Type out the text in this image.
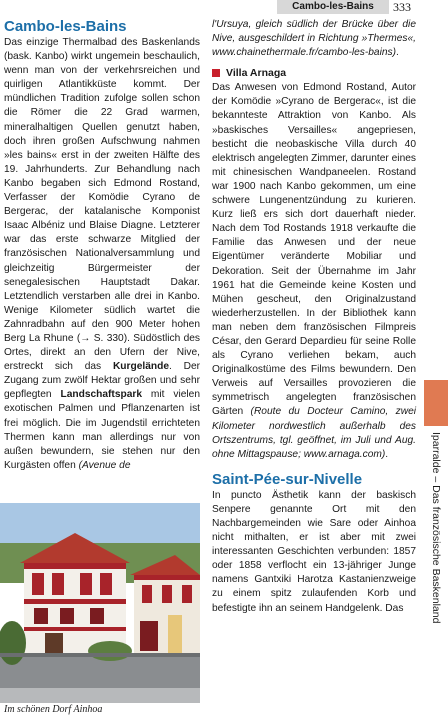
Cambo-les-Bains	333
Cambo-les-Bains

Das einzige Thermalbad des Baskenlands (bask. Kanbo) wirkt ungemein beschaulich, wenn man von der verkehrsreichen und quirligen Atlantikküste kommt. Der mündlichen Tradition zufolge sollen schon die Römer die 22 Grad warmen, mineralhaltigen Quellen genutzt haben, doch ihren großen Aufschwung nahmen »les bains« erst in der zweiten Hälfte des 19. Jahrhunderts. Zur Behandlung nach Kanbo begaben sich Edmond Rostand, Verfasser der Komödie Cyrano de Bergerac, der katalanische Komponist Isaac Albéniz und Blaise Diagne. Letzterer war das erste schwarze Mitglied der französischen Nationalversammlung und gleichzeitig Bürgermeister der senegalesischen Hauptstadt Dakar. Letztendlich verstarben alle drei in Kanbo. Wenige Kilometer südlich wartet die Zahnradbahn auf den 900 Meter hohen Berg La Rhune (→ S. 330). Südöstlich des Ortes, direkt an den Ufern der Nive, erstreckt sich das Kurgelände. Der Zugang zum zwölf Hektar großen und sehr gepflegten Landschaftspark mit vielen exotischen Palmen und Pflanzenarten ist frei möglich. Die im Jugendstil errichteten Thermen kann man allerdings nur von außen bewundern, sie stehen nur den Kurgästen offen (Avenue de

Im schönen Dorf Ainhoa

l'Ursuya, gleich südlich der Brücke über die Nive, ausgeschildert in Richtung »Thermes«, www.chainethermale.fr/cambo-les-bains).

Villa Arnaga

Das Anwesen von Edmond Rostand, Autor der Komödie »Cyrano de Bergerac«, ist die bekannteste Attraktion von Kanbo. Als »baskisches Versailles« angepriesen, besticht die neobaskische Villa durch 40 elektrisch angelegten Zimmer, darunter eines mit chinesischen Wandpaneelen. Rostand war 1900 nach Kanbo gekommen, um eine schwere Lungenentzündung zu kurieren. Kurz ließ ers sich dort dauerhaft nieder. Nach dem Tod Rostands 1918 verkaufte die Familie das Anwesen und der neue Eigentümer veränderte Mobiliar und Dekoration. Seit der Übernahme im Jahr 1961 hat die Gemeinde keine Kosten und Mühen gescheut, den Originalzustand wiederherzustellen. In der Bibliothek kann man neben dem französischen Filmpreis César, den Gerard Depardieu für seine Rolle als Cyrano verliehen bekam, auch Originalkostüme des Films bewundern. Den Verweis auf Versailles provozieren die symmetrisch angelegten französischen Gärten (Route du Docteur Camino, zwei Kilometer nordwestlich außerhalb des Ortszentrums, tgl. geöffnet, im Juli und Aug. ohne Mittagspause; www.arnaga.com).

Saint-Pée-sur-Nivelle

In puncto Ästhetik kann der baskisch Senpere genannte Ort mit den Nachbargemeinden wie Sare oder Ainhoa nicht mithalten, er ist aber mit zwei interessanten Geschichten verbunden: 1857 oder 1858 verflocht ein 13-jähriger Junge namens Gantxiki Harotza Kastanienzweige zu einem spitz zulaufenden Korb und befestigte ihn an seinem Handgelenk. Das	Iparralde – Das französische Baskenland
